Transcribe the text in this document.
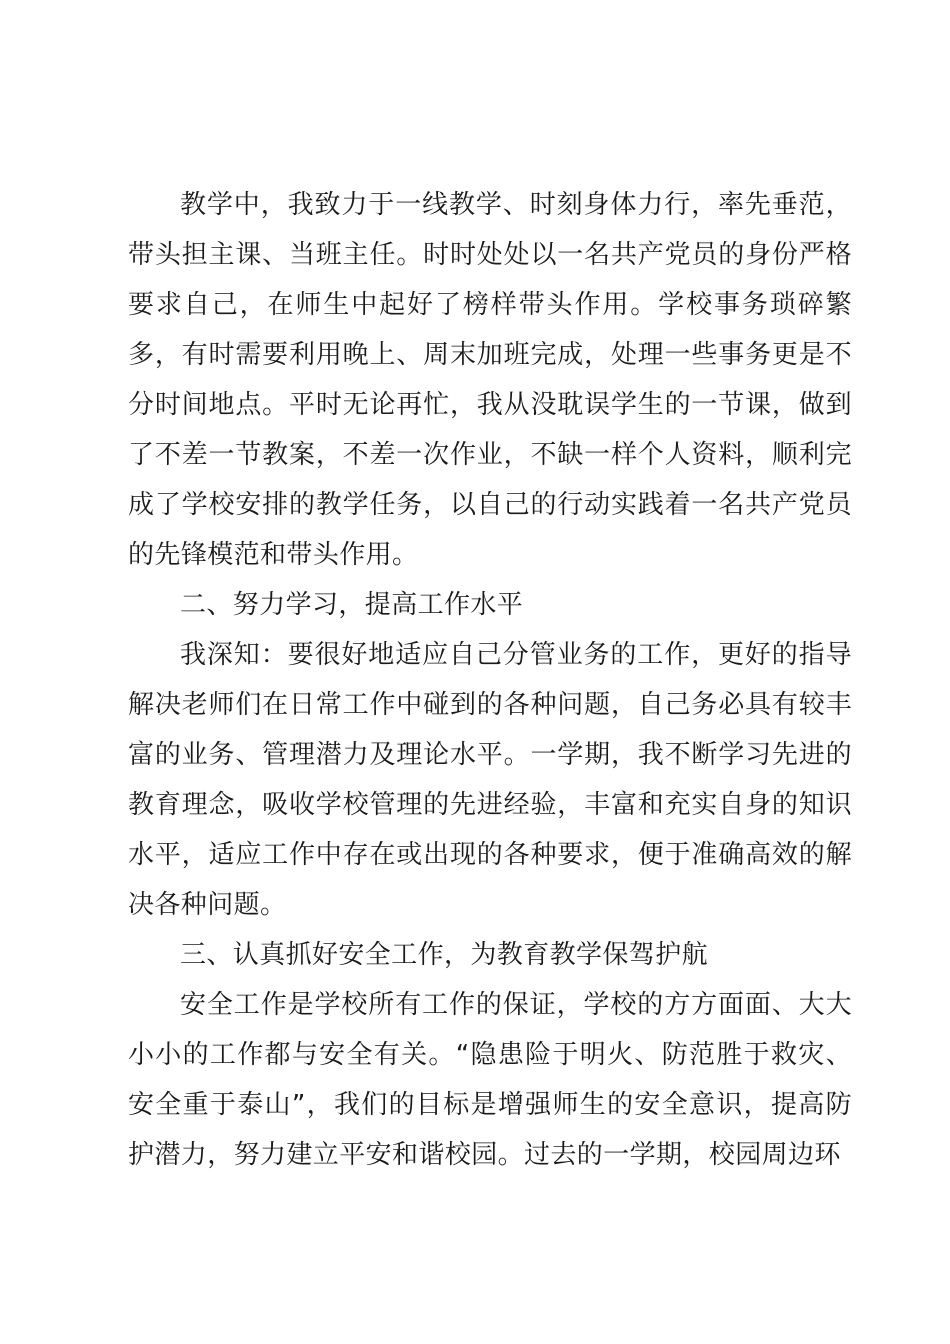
教学中，我致力于一线教学、时刻身体力行，率先垂范，带头担主课、当班主任。时时处处以一名共产党员的身份严格要求自己，在师生中起好了榜样带头作用。学校事务琐碎繁多，有时需要利用晚上、周末加班完成，处理一些事务更是不分时间地点。平时无论再忙，我从没耽误学生的一节课，做到了不差一节教案，不差一次作业，不缺一样个人资料，顺利完成了学校安排的教学任务，以自己的行动实践着一名共产党员的先锋模范和带头作用。
二、努力学习，提高工作水平
我深知：要很好地适应自己分管业务的工作，更好的指导解决老师们在日常工作中碰到的各种问题，自己务必具有较丰富的业务、管理潜力及理论水平。一学期，我不断学习先进的教育理念，吸收学校管理的先进经验，丰富和充实自身的知识水平，适应工作中存在或出现的各种要求，便于准确高效的解决各种问题。
三、认真抓好安全工作，为教育教学保驾护航
安全工作是学校所有工作的保证，学校的方方面面、大大小小的工作都与安全有关。“隐患险于明火、防范胜于救灾、安全重于泰山”，我们的目标是增强师生的安全意识，提高防护潜力，努力建立平安和谐校园。过去的一学期，校园周边环
